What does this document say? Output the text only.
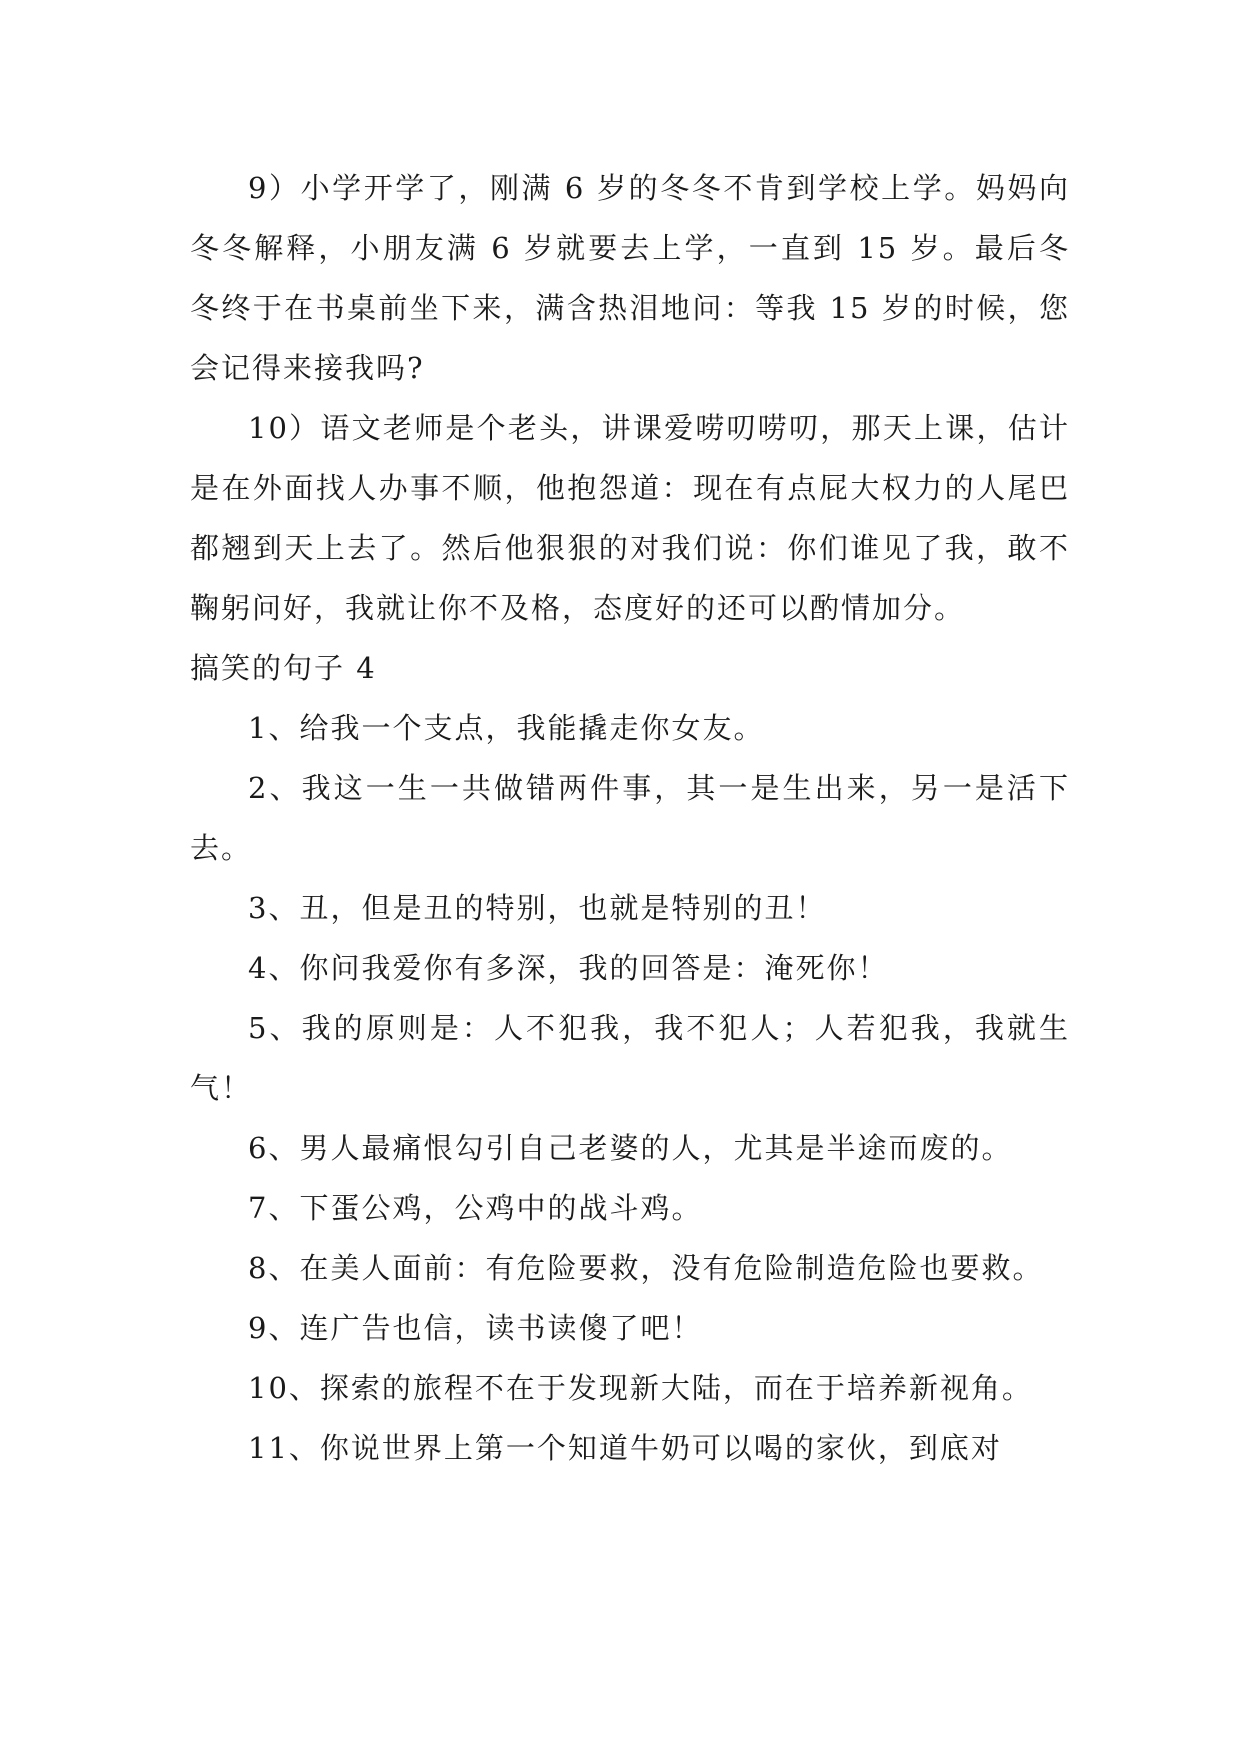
9）小学开学了，刚满 6 岁的冬冬不肯到学校上学。妈妈向冬冬解释，小朋友满 6 岁就要去上学，一直到 15 岁。最后冬冬终于在书桌前坐下来，满含热泪地问：等我 15 岁的时候，您会记得来接我吗?

10）语文老师是个老头，讲课爱唠叨唠叨，那天上课，估计是在外面找人办事不顺，他抱怨道：现在有点屁大权力的人尾巴都翘到天上去了。然后他狠狠的对我们说：你们谁见了我，敢不鞠躬问好，我就让你不及格，态度好的还可以酌情加分。

搞笑的句子 4

1、给我一个支点，我能撬走你女友。

2、我这一生一共做错两件事，其一是生出来，另一是活下去。

3、丑，但是丑的特别，也就是特别的丑！

4、你问我爱你有多深，我的回答是：淹死你！

5、我的原则是：人不犯我，我不犯人；人若犯我，我就生气！

6、男人最痛恨勾引自己老婆的人，尤其是半途而废的。

7、下蛋公鸡，公鸡中的战斗鸡。

8、在美人面前：有危险要救，没有危险制造危险也要救。

9、连广告也信，读书读傻了吧！

10、探索的旅程不在于发现新大陆，而在于培养新视角。

11、你说世界上第一个知道牛奶可以喝的家伙，到底对
